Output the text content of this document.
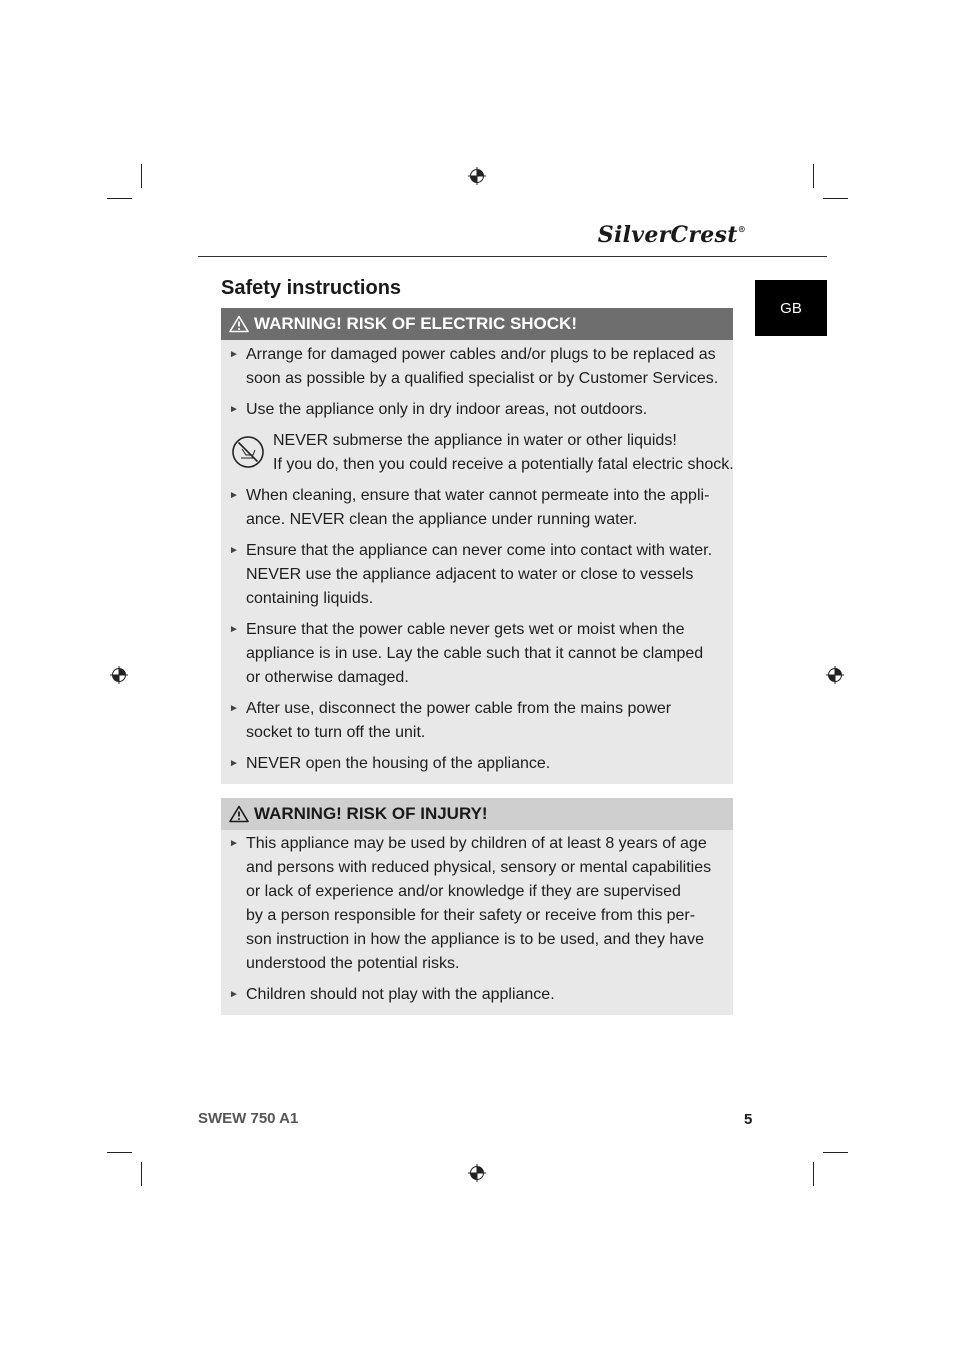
SilverCrest®
GB
Safety instructions
WARNING! RISK OF ELECTRIC SHOCK!
► Arrange for damaged power cables and/or plugs to be replaced as
soon as possible by a qualified specialist or by Customer Services.
► Use the appliance only in dry indoor areas, not outdoors.
NEVER submerse the appliance in water or other liquids!
If you do, then you could receive a potentially fatal electric shock.
► When cleaning, ensure that water cannot permeate into the appli-
ance. NEVER clean the appliance under running water.
► Ensure that the appliance can never come into contact with water.
NEVER use the appliance adjacent to water or close to vessels
containing liquids.
► Ensure that the power cable never gets wet or moist when the
appliance is in use. Lay the cable such that it cannot be clamped
or otherwise damaged.
► After use, disconnect the power cable from the mains power
socket to turn off the unit.
► NEVER open the housing of the appliance.
WARNING! RISK OF INJURY!
► This appliance may be used by children of at least 8 years of age
and persons with reduced physical, sensory or mental capabilities
or lack of experience and/or knowledge if they are supervised
by a person responsible for their safety or receive from this per-
son instruction in how the appliance is to be used, and they have
understood the potential risks.
► Children should not play with the appliance.
SWEW 750 A1	5
